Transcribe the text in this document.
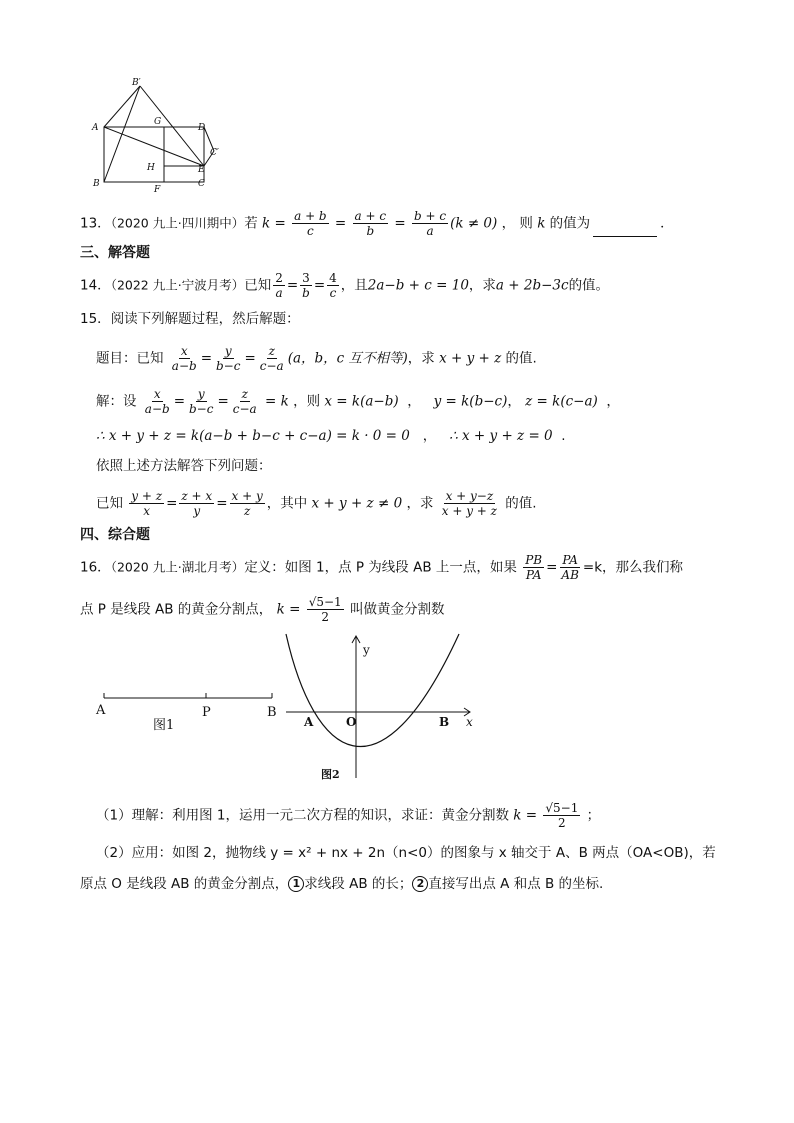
B′
A
G
D
C′
H	E
B
F
C
13．（2020 九上·四川期中）若 $k = \frac{a + b}{c} = \frac{a + c}{b} = \frac{b + c}{a} (k \ne 0)$ ， 则 k 的值为	．
三、解答题
14．（2022 九上·宁波月考）已知 $\frac{2}{a} = \frac{3}{b} = \frac{4}{c}$ ，且2a−b + c = 10，求a + 2b−3c的值。
15．阅读下列解题过程，然后解题：
题目：已知 $\frac{x}{a-b} = \frac{y}{b-c} = \frac{z}{c-a} (a$，b，c 互不相等)，求 x + y + z 的值.
解：设 $\frac{x}{a-b} = \frac{y}{b-c} = \frac{z}{c-a} = k$ ，则 x = k(a−b)  ，   y = k(b−c)， z = k(c−a)  ，
∴ x + y + z = k(a−b + b−c + c−a) = k · 0 = 0   ，   ∴ x + y + z = 0  .
依照上述方法解答下列问题：
已知 $\frac{y + z}{x} = \frac{z + x}{y} = \frac{x + y}{z}$ ，其中 x + y + z ≠ 0 ，求 $\frac{x + y-z}{x + y + z}$ 的值.
四、综合题
16．（2020 九上·湖北月考）定义：如图 1，点 P 为线段 AB 上一点，如果 $\frac{PB}{PA} = \frac{PA}{AB} =k$，那么我们称
点 P 是线段 AB 的黄金分割点， $k = \frac{√5-1}{2}$ 叫做黄金分割数
A	P	B
图1
y
x
A	O	B
图2
（1）理解：利用图 1，运用一元二次方程的知识，求证：黄金分割数 $k = \frac{√5-1}{2}$ ；
（2）应用：如图 2，抛物线 y = x² + nx + 2n（n<0）的图象与 x 轴交于 A、B 两点（OA<OB)，若
原点 O 是线段 AB 的黄金分割点， 1 求线段 AB 的长； 2 直接写出点 A 和点 B 的坐标.
